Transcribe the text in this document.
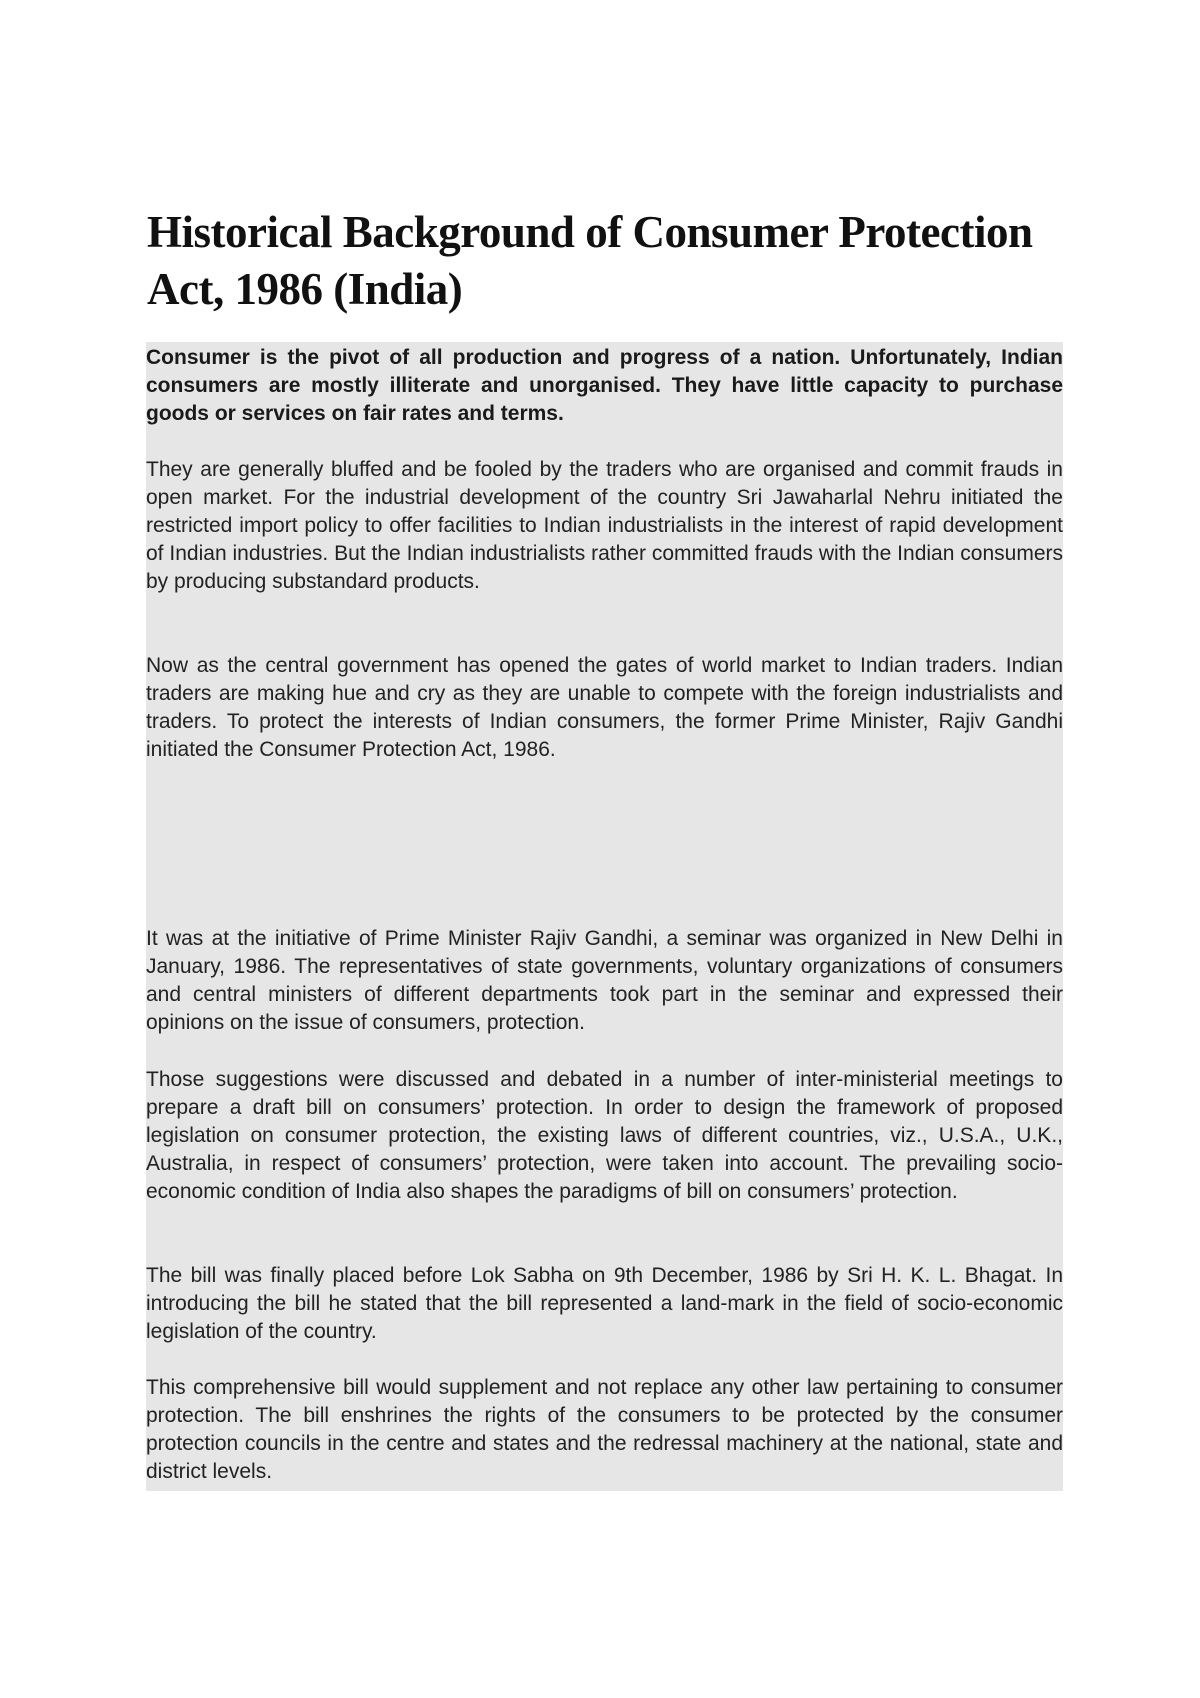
Historical Background of Consumer Protection Act, 1986 (India)

Consumer is the pivot of all production and progress of a nation. Unfortunately, Indian consumers are mostly illiterate and unorganised. They have little capacity to purchase goods or services on fair rates and terms.

They are generally bluffed and be fooled by the traders who are organised and commit frauds in open market. For the industrial development of the country Sri Jawaharlal Nehru initiated the restricted import policy to offer facilities to Indian industrialists in the interest of rapid development of Indian industries. But the Indian industrialists rather committed frauds with the Indian consumers by producing substandard products.

Now as the central government has opened the gates of world market to Indian traders. Indian traders are making hue and cry as they are unable to compete with the foreign industrialists and traders. To protect the interests of Indian consumers, the former Prime Minister, Rajiv Gandhi initiated the Consumer Protection Act, 1986.

It was at the initiative of Prime Minister Rajiv Gandhi, a seminar was organized in New Delhi in January, 1986. The representatives of state governments, voluntary organizations of consumers and central ministers of different departments took part in the seminar and expressed their opinions on the issue of consumers, protection.

Those suggestions were discussed and debated in a number of inter-ministerial meetings to prepare a draft bill on consumers’ protection. In order to design the framework of proposed legislation on consumer protection, the existing laws of different countries, viz., U.S.A., U.K., Australia, in respect of consumers’ protection, were taken into account. The prevailing socio-economic condition of India also shapes the paradigms of bill on consumers’ protection.

The bill was finally placed before Lok Sabha on 9th December, 1986 by Sri H. K. L. Bhagat. In introducing the bill he stated that the bill represented a land-mark in the field of socio-economic legislation of the country.

This comprehensive bill would supplement and not replace any other law pertaining to consumer protection. The bill enshrines the rights of the consumers to be protected by the consumer protection councils in the centre and states and the redressal machinery at the national, state and district levels.
